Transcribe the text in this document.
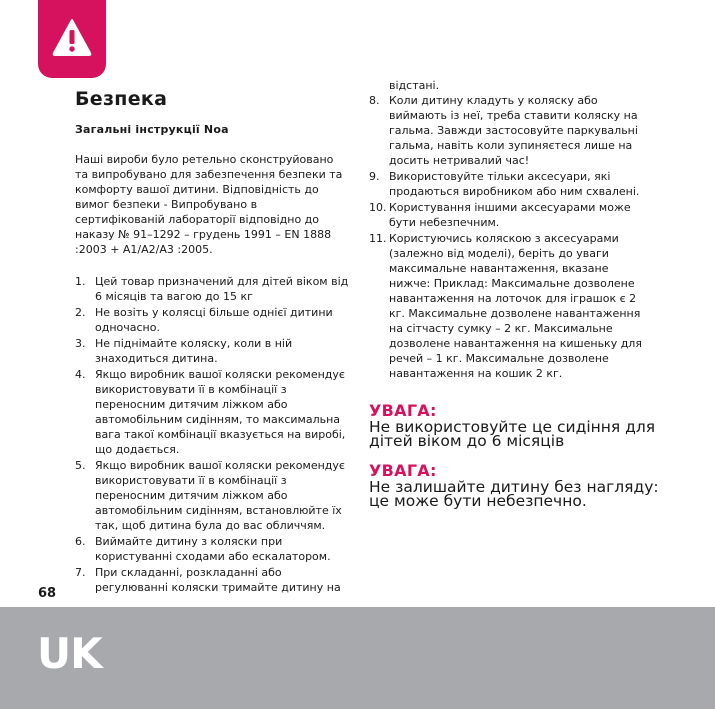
Безпека
Загальні інструкції Noa

Наші вироби було ретельно сконструйовано та випробувано для забезпечення безпеки та комфорту вашої дитини. Відповідність до вимог безпеки - Випробувано в сертифікованій лабораторії відповідно до наказу № 91–1292 – грудень 1991 – EN 1888 :2003 + A1/A2/A3 :2005.

1. Цей товар призначений для дітей віком від 6 місяців та вагою до 15 кг
2. Не возіть у колясці більше однієї дитини одночасно.
3. Не піднімайте коляску, коли в ній знаходиться дитина.
4. Якщо виробник вашої коляски рекомендує використовувати її в комбінації з переносним дитячим ліжком або автомобільним сидінням, то максимальна вага такої комбінації вказується на виробі, що додається.
5. Якщо виробник вашої коляски рекомендує використовувати її в комбінації з переносним дитячим ліжком або автомобільним сидінням, встановлюйте їх так, щоб дитина була до вас обличчям.
6. Виймайте дитину з коляски при користуванні сходами або ескалатором.
7. При складанні, розкладанні або регулюванні коляски тримайте дитину на

відстані.

8. Коли дитину кладуть у коляску або виймають із неї, треба ставити коляску на гальма. Завжди застосовуйте паркувальні гальма, навіть коли зупиняєтеся лише на досить нетривалий час!
9. Використовуйте тільки аксесуари, які продаються виробником або ним схвалені.
10. Користування іншими аксесуарами може бути небезпечним.
11. Користуючись коляскою з аксесуарами (залежно від моделі), беріть до уваги максимальне навантаження, вказане нижче: Приклад: Максимальне дозволене навантаження на лоточок для іграшок є 2 кг. Максимальне дозволене навантаження на сітчасту сумку – 2 кг. Максимальне дозволене навантаження на кишеньку для речей – 1 кг. Максимальне дозволене навантаження на кошик 2 кг.

УВАГА:

Не використовуйте це сидіння для дітей віком до 6 місяців

УВАГА:

Не залишайте дитину без нагляду: це може бути небезпечно.

68
UK
